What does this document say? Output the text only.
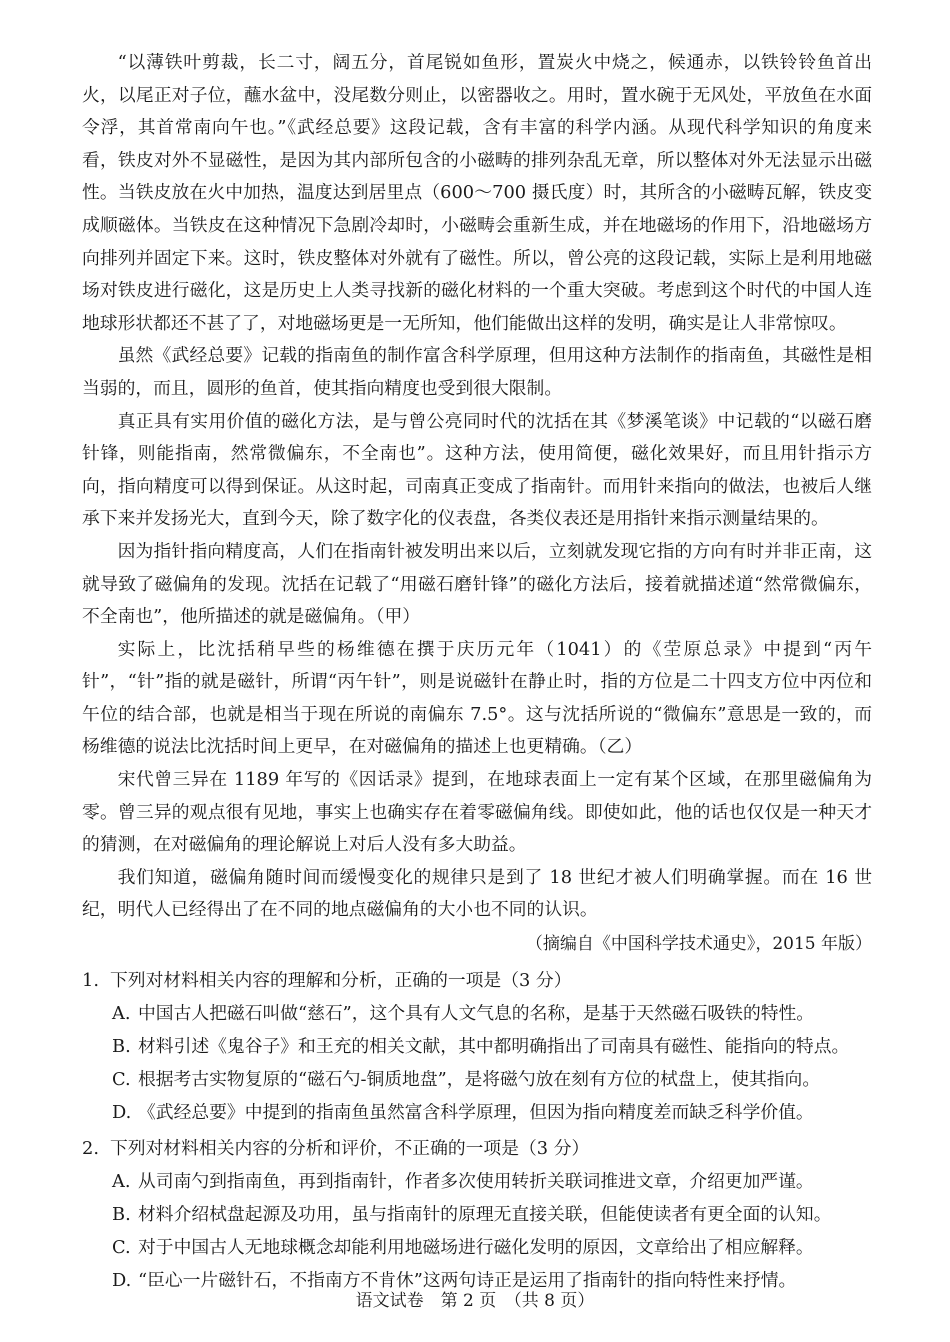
“以薄铁叶剪裁，长二寸，阔五分，首尾锐如鱼形，置炭火中烧之，候通赤，以铁铃铃鱼首出火，以尾正对子位，蘸水盆中，没尾数分则止，以密器收之。用时，置水碗于无风处，平放鱼在水面令浮，其首常南向午也。”《武经总要》这段记载，含有丰富的科学内涵。从现代科学知识的角度来看，铁皮对外不显磁性，是因为其内部所包含的小磁畴的排列杂乱无章，所以整体对外无法显示出磁性。当铁皮放在火中加热，温度达到居里点（600～700 摄氏度）时，其所含的小磁畴瓦解，铁皮变成顺磁体。当铁皮在这种情况下急剧冷却时，小磁畴会重新生成，并在地磁场的作用下，沿地磁场方向排列并固定下来。这时，铁皮整体对外就有了磁性。所以，曾公亮的这段记载，实际上是利用地磁场对铁皮进行磁化，这是历史上人类寻找新的磁化材料的一个重大突破。考虑到这个时代的中国人连地球形状都还不甚了了，对地磁场更是一无所知，他们能做出这样的发明，确实是让人非常惊叹。

虽然《武经总要》记载的指南鱼的制作富含科学原理，但用这种方法制作的指南鱼，其磁性是相当弱的，而且，圆形的鱼首，使其指向精度也受到很大限制。

真正具有实用价值的磁化方法，是与曾公亮同时代的沈括在其《梦溪笔谈》中记载的“以磁石磨针锋，则能指南，然常微偏东，不全南也”。这种方法，使用简便，磁化效果好，而且用针指示方向，指向精度可以得到保证。从这时起，司南真正变成了指南针。而用针来指向的做法，也被后人继承下来并发扬光大，直到今天，除了数字化的仪表盘，各类仪表还是用指针来指示测量结果的。

因为指针指向精度高，人们在指南针被发明出来以后，立刻就发现它指的方向有时并非正南，这就导致了磁偏角的发现。沈括在记载了“用磁石磨针锋”的磁化方法后，接着就描述道“然常微偏东，不全南也”，他所描述的就是磁偏角。（甲）

实际上，比沈括稍早些的杨维德在撰于庆历元年（1041）的《茔原总录》中提到“丙午针”，“针”指的就是磁针，所谓“丙午针”，则是说磁针在静止时，指的方位是二十四支方位中丙位和午位的结合部，也就是相当于现在所说的南偏东 7.5°。这与沈括所说的“微偏东”意思是一致的，而杨维德的说法比沈括时间上更早，在对磁偏角的描述上也更精确。（乙）

宋代曾三异在 1189 年写的《因话录》提到，在地球表面上一定有某个区域，在那里磁偏角为零。曾三异的观点很有见地，事实上也确实存在着零磁偏角线。即使如此，他的话也仅仅是一种天才的猜测，在对磁偏角的理论解说上对后人没有多大助益。

我们知道，磁偏角随时间而缓慢变化的规律只是到了 18 世纪才被人们明确掌握。而在 16 世纪，明代人已经得出了在不同的地点磁偏角的大小也不同的认识。

（摘编自《中国科学技术通史》，2015 年版）

1. 下列对材料相关内容的理解和分析，正确的一项是（3 分）

A. 中国古人把磁石叫做“慈石”，这个具有人文气息的名称，是基于天然磁石吸铁的特性。
B. 材料引述《鬼谷子》和王充的相关文献，其中都明确指出了司南具有磁性、能指向的特点。
C. 根据考古实物复原的“磁石勺-铜质地盘”，是将磁勺放在刻有方位的栻盘上，使其指向。
D. 《武经总要》中提到的指南鱼虽然富含科学原理，但因为指向精度差而缺乏科学价值。

2. 下列对材料相关内容的分析和评价，不正确的一项是（3 分）

A. 从司南勺到指南鱼，再到指南针，作者多次使用转折关联词推进文章，介绍更加严谨。
B. 材料介绍栻盘起源及功用，虽与指南针的原理无直接关联，但能使读者有更全面的认知。
C. 对于中国古人无地球概念却能利用地磁场进行磁化发明的原因，文章给出了相应解释。
D. “臣心一片磁针石，不指南方不肯休”这两句诗正是运用了指南针的指向特性来抒情。
语文试卷　第 2 页　（共 8 页）
